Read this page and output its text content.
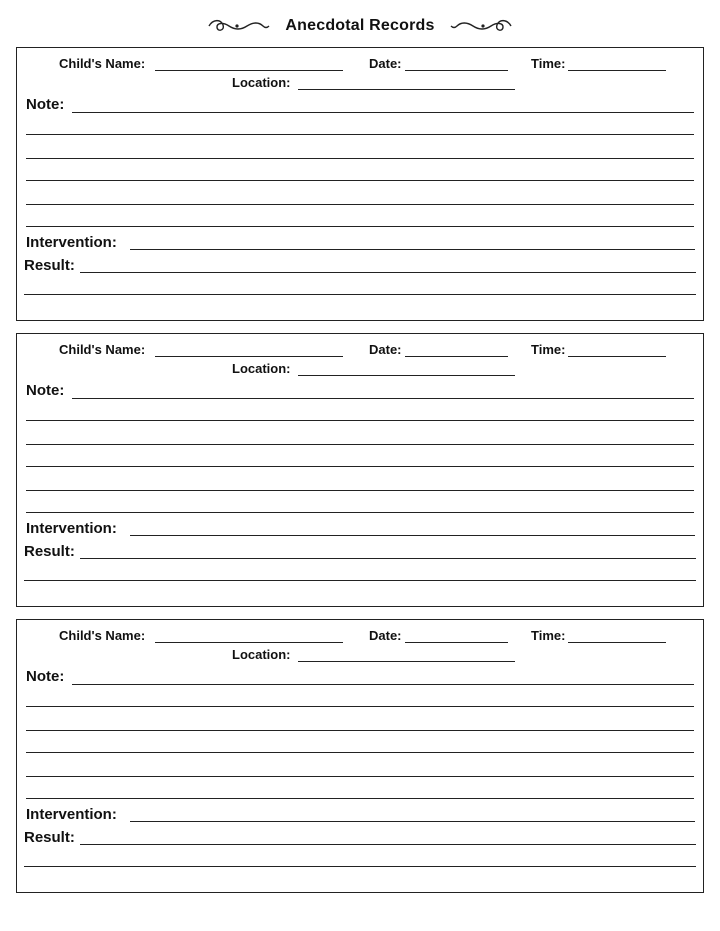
Anecdotal Records
Child's Name:	Date:	Time:
Location:
Note:
Intervention:
Result:
Child's Name:	Date:	Time:
Location:
Note:
Intervention:
Result:
Child's Name:	Date:	Time:
Location:
Note:
Intervention:
Result:
